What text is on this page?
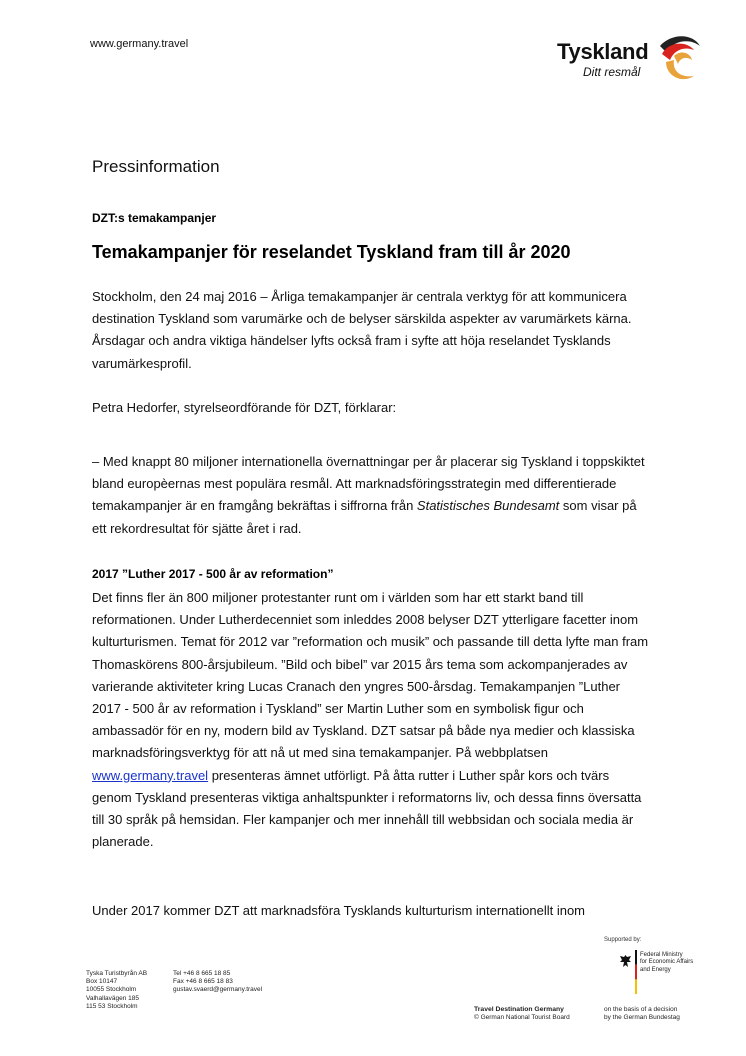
www.germany.travel	Tyskland
Ditt resmål
Pressinformation
DZT:s temakampanjer
Temakampanjer för reselandet Tyskland fram till år 2020

Stockholm, den 24 maj 2016 – Årliga temakampanjer är centrala verktyg för att kommunicera destination Tyskland som varumärke och de belyser särskilda aspekter av varumärkets kärna. Årsdagar och andra viktiga händelser lyfts också fram i syfte att höja reselandet Tysklands varumärkesprofil.

Petra Hedorfer, styrelseordförande för DZT, förklarar:

– Med knappt 80 miljoner internationella övernattningar per år placerar sig Tyskland i toppskiktet bland europèernas mest populära resmål. Att marknadsföringsstrategin med differentierade temakampanjer är en framgång bekräftas i siffrorna från Statistisches Bundesamt som visar på ett rekordresultat för sjätte året i rad.

2017 ”Luther 2017 - 500 år av reformation”

Det finns fler än 800 miljoner protestanter runt om i världen som har ett starkt band till reformationen. Under Lutherdecenniet som inleddes 2008 belyser DZT ytterligare facetter inom kulturturismen. Temat för 2012 var ”reformation och musik” och passande till detta lyfte man fram Thomaskörens 800-årsjubileum. ”Bild och bibel” var 2015 års tema som ackompanjerades av varierande aktiviteter kring Lucas Cranach den yngres 500-årsdag. Temakampanjen ”Luther 2017 - 500 år av reformation i Tyskland” ser Martin Luther som en symbolisk figur och ambassadör för en ny, modern bild av Tyskland. DZT satsar på både nya medier och klassiska marknadsföringsverktyg för att nå ut med sina temakampanjer. På webbplatsen www.germany.travel presenteras ämnet utförligt. På åtta rutter i Luther spår kors och tvärs genom Tyskland presenteras viktiga anhaltspunkter i reformatorns liv, och dessa finns översatta till 30 språk på hemsidan. Fler kampanjer och mer innehåll till webbsidan och sociala media är planerade.

Under 2017 kommer DZT att marknadsföra Tysklands kulturturism internationellt inom

Tyska Turistbyrån AB
Box 10147
10055 Stockholm
Valhallavägen 185
115 53 Stockholm
Tel +46 8 665 18 85
Fax +46 8 665 18 83
gustav.svaerd@germany.travel
Travel Destination Germany
© German National Tourist Board
Supported by:
Federal Ministry
for Economic Affairs
and Energy
on the basis of a decision
by the German Bundestag
